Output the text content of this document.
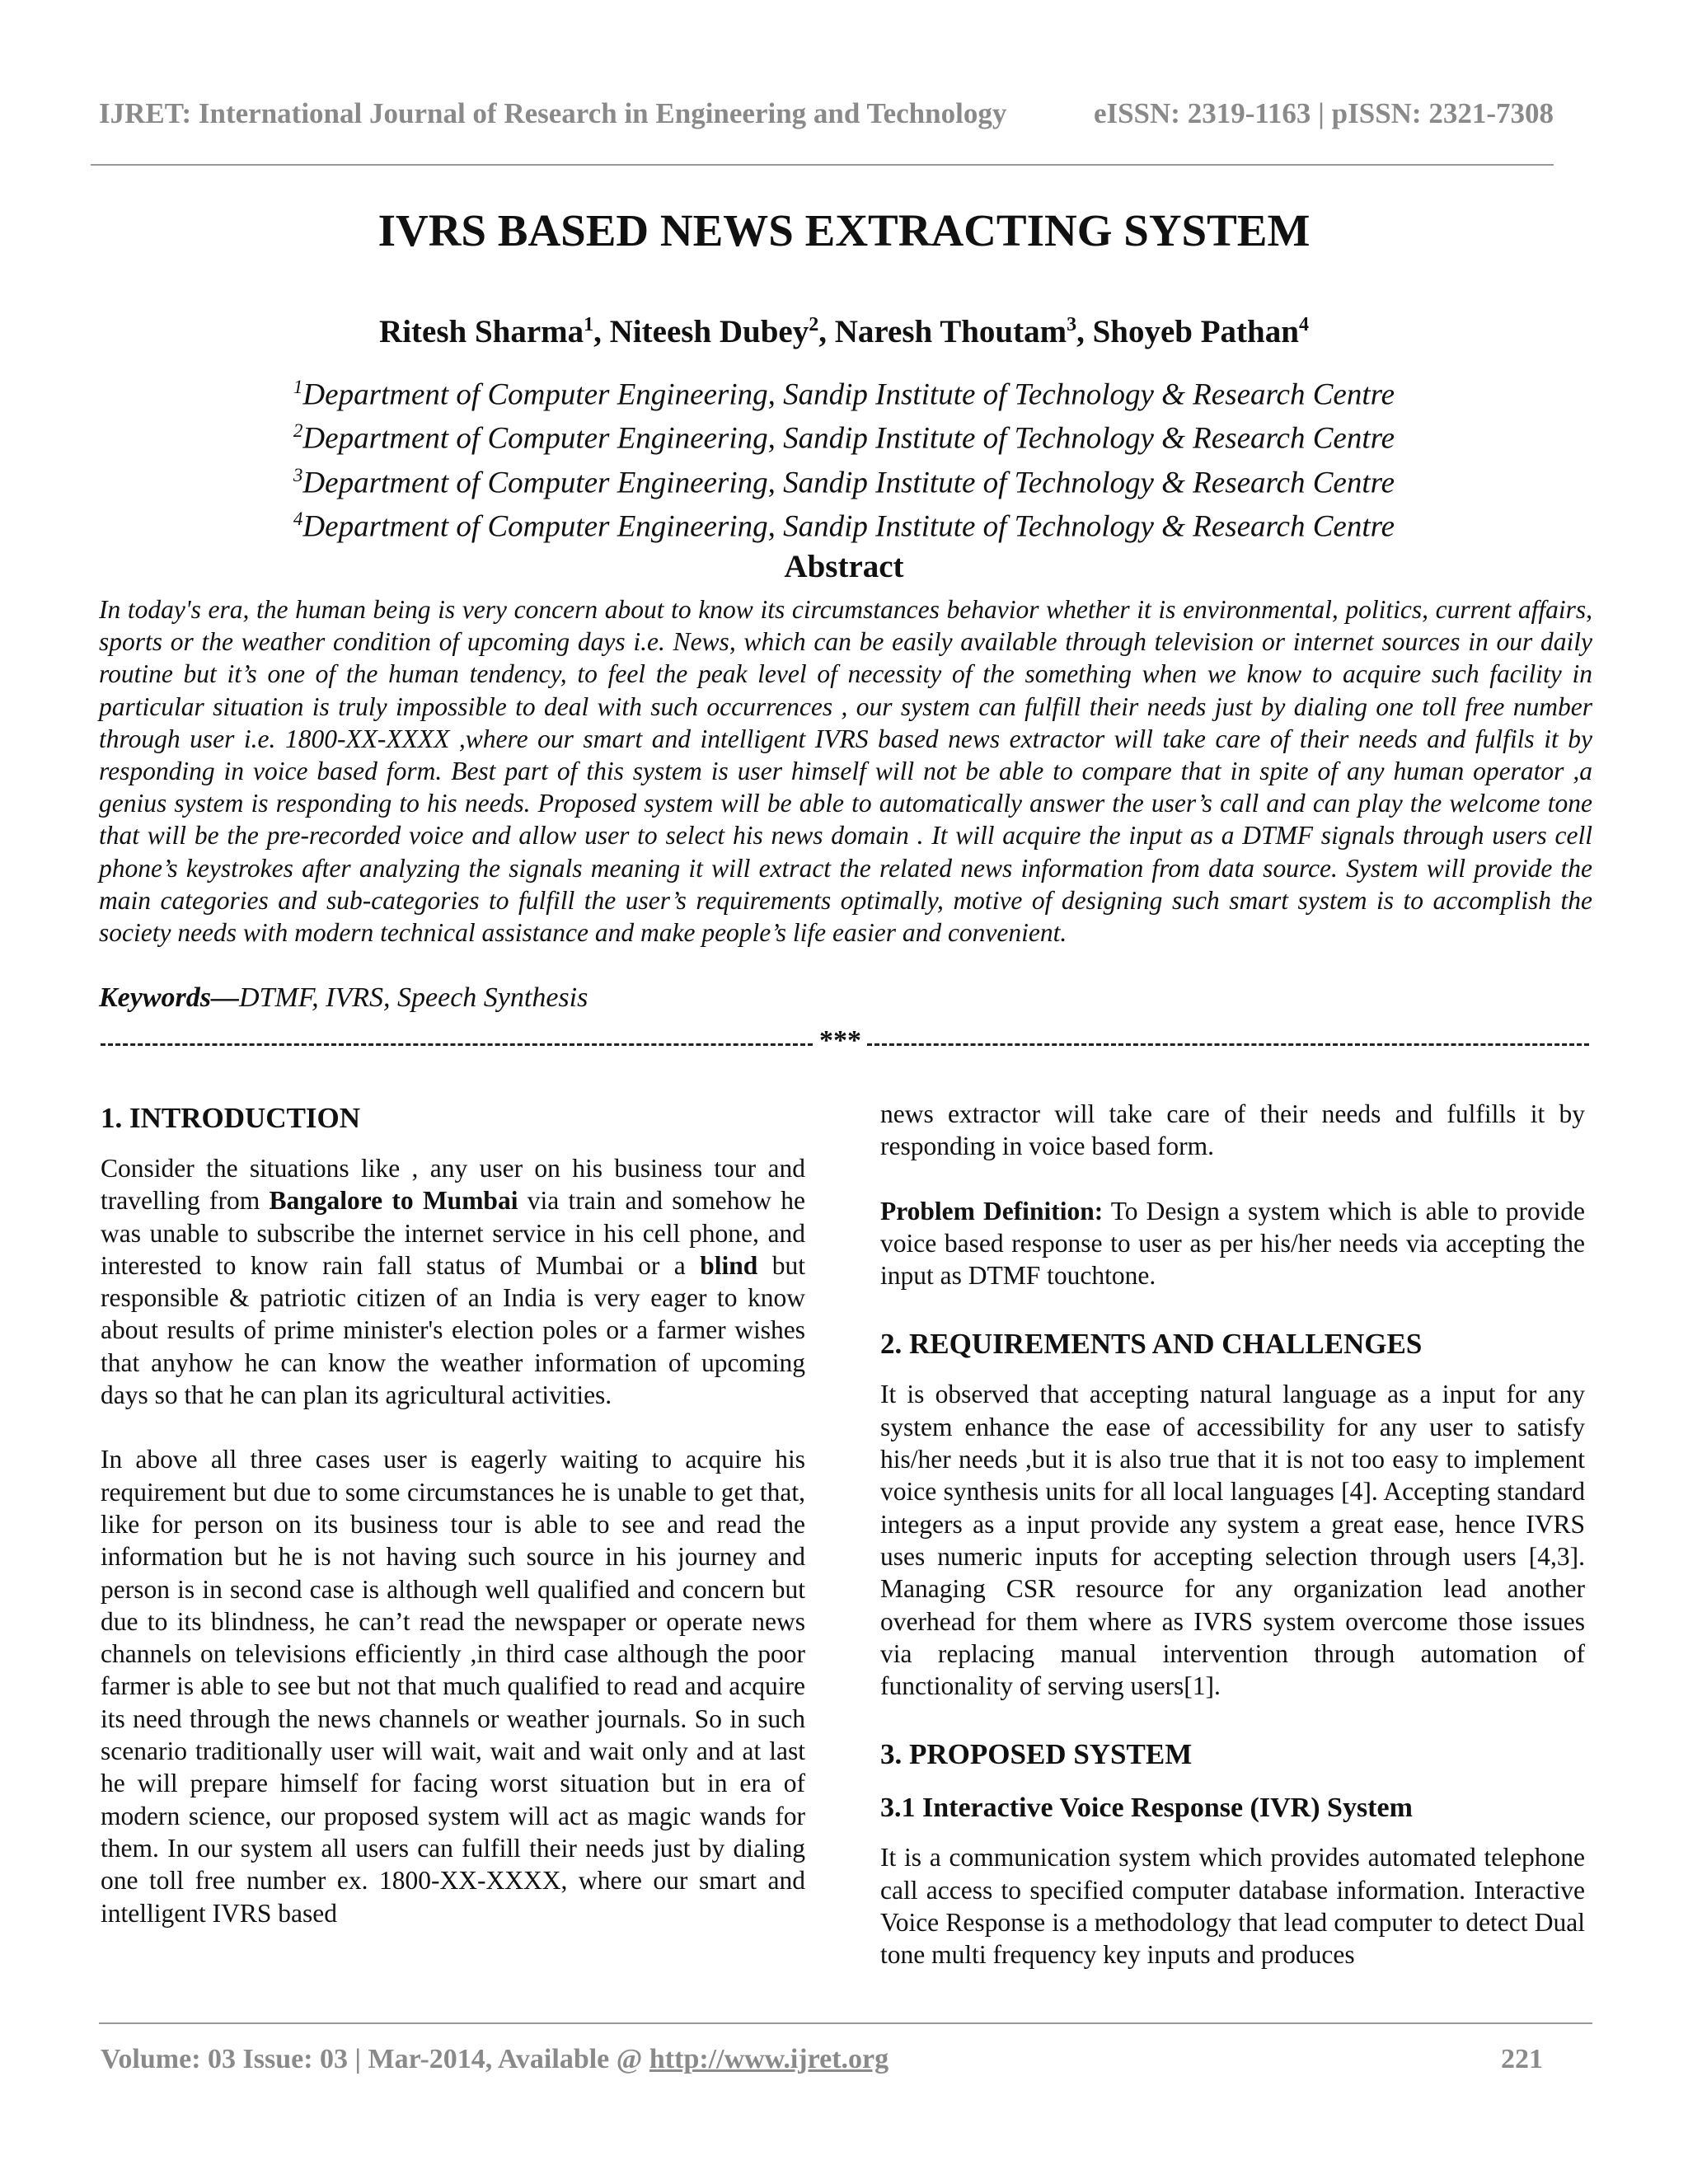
IJRET: International Journal of Research in Engineering and Technology	eISSN: 2319-1163 | pISSN: 2321-7308
IVRS BASED NEWS EXTRACTING SYSTEM
Ritesh Sharma$^1$, Niteesh Dubey$^2$, Naresh Thoutam$^3$, Shoyeb Pathan$^4$
$^1$Department of Computer Engineering, Sandip Institute of Technology & Research Centre
$^2$Department of Computer Engineering, Sandip Institute of Technology & Research Centre
$^3$Department of Computer Engineering, Sandip Institute of Technology & Research Centre
$^4$Department of Computer Engineering, Sandip Institute of Technology & Research Centre
Abstract
In today's era, the human being is very concern about to know its circumstances behavior whether it is environmental, politics, current affairs, sports or the weather condition of upcoming days i.e. News, which can be easily available through television or internet sources in our daily routine but it’s one of the human tendency, to feel the peak level of necessity of the something when we know to acquire such facility in particular situation is truly impossible to deal with such occurrences , our system can fulfill their needs just by dialing one toll free number through user i.e. 1800-XX-XXXX ,where our smart and intelligent IVRS based news extractor will take care of their needs and fulfils it by responding in voice based form. Best part of this system is user himself will not be able to compare that in spite of any human operator ,a genius system is responding to his needs. Proposed system will be able to automatically answer the user’s call and can play the welcome tone that will be the pre-recorded voice and allow user to select his news domain . It will acquire the input as a DTMF signals through users cell phone’s keystrokes after analyzing the signals meaning it will extract the related news information from data source. System will provide the main categories and sub-categories to fulfill the user’s requirements optimally, motive of designing such smart system is to accomplish the society needs with modern technical assistance and make people’s life easier and convenient.
Keywords—DTMF, IVRS, Speech Synthesis
***
1. INTRODUCTION

Consider the situations like , any user on his business tour and travelling from Bangalore to Mumbai via train and somehow he was unable to subscribe the internet service in his cell phone, and interested to know rain fall status of Mumbai or a blind but responsible & patriotic citizen of an India is very eager to know about results of prime minister's election poles or a farmer wishes that anyhow he can know the weather information of upcoming days so that he can plan its agricultural activities.

In above all three cases user is eagerly waiting to acquire his requirement but due to some circumstances he is unable to get that, like for person on its business tour is able to see and read the information but he is not having such source in his journey and person is in second case is although well qualified and concern but due to its blindness, he can’t read the newspaper or operate news channels on televisions efficiently ,in third case although the poor farmer is able to see but not that much qualified to read and acquire its need through the news channels or weather journals. So in such scenario traditionally user will wait, wait and wait only and at last he will prepare himself for facing worst situation but in era of modern science, our proposed system will act as magic wands for them. In our system all users can fulfill their needs just by dialing one toll free number ex. 1800-XX-XXXX, where our smart and intelligent IVRS based

news extractor will take care of their needs and fulfills it by responding in voice based form.

Problem Definition: To Design a system which is able to provide voice based response to user as per his/her needs via accepting the input as DTMF touchtone.

2. REQUIREMENTS AND CHALLENGES

It is observed that accepting natural language as a input for any system enhance the ease of accessibility for any user to satisfy his/her needs ,but it is also true that it is not too easy to implement voice synthesis units for all local languages [4]. Accepting standard integers as a input provide any system a great ease, hence IVRS uses numeric inputs for accepting selection through users [4,3]. Managing CSR resource for any organization lead another overhead for them where as IVRS system overcome those issues via replacing manual intervention through automation of functionality of serving users[1].

3. PROPOSED SYSTEM
3.1 Interactive Voice Response (IVR) System

It is a communication system which provides automated telephone call access to specified computer database information. Interactive Voice Response is a methodology that lead computer to detect Dual tone multi frequency key inputs and produces

Volume: 03 Issue: 03 | Mar-2014, Available @ http://www.ijret.org	221
